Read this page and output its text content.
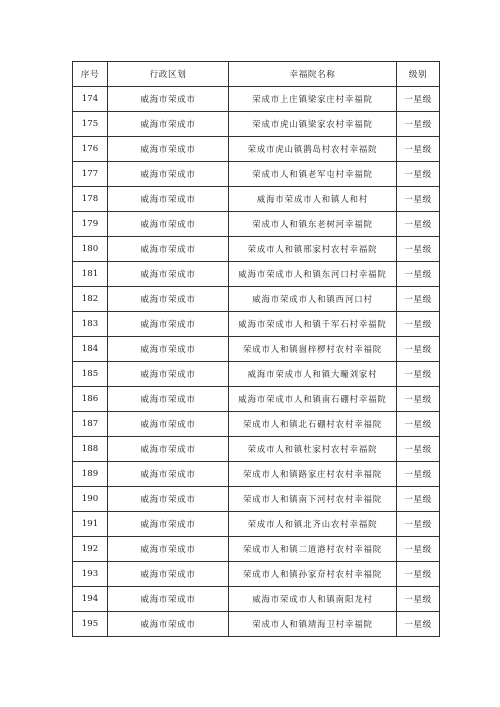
序号	行政区划	幸福院名称	级别
174	威海市荣成市	荣成市上庄镇梁家庄村幸福院	一星级
175	威海市荣成市	荣成市虎山镇梁家农村幸福院	一星级
176	威海市荣成市	荣成市虎山镇鹊岛村农村幸福院	一星级
177	威海市荣成市	荣成市人和镇老军屯村幸福院	一星级
178	威海市荣成市	威海市荣成市人和镇人和村	一星级
179	威海市荣成市	荣成市人和镇东老树河幸福院	一星级
180	威海市荣成市	荣成市人和镇邢家村农村幸福院	一星级
181	威海市荣成市	威海市荣成市人和镇东河口村幸福院	一星级
182	威海市荣成市	威海市荣成市人和镇西河口村	一星级
183	威海市荣成市	威海市荣成市人和镇千军石村幸福院	一星级
184	威海市荣成市	荣成市人和镇崮梓椤村农村幸福院	一星级
185	威海市荣成市	威海市荣成市人和镇大疃刘家村	一星级
186	威海市荣成市	威海市荣成市人和镇南石硼村幸福院	一星级
187	威海市荣成市	荣成市人和镇北石硼村农村幸福院	一星级
188	威海市荣成市	荣成市人和镇杜家村农村幸福院	一星级
189	威海市荣成市	荣成市人和镇路家庄村农村幸福院	一星级
190	威海市荣成市	荣成市人和镇南下河村农村幸福院	一星级
191	威海市荣成市	荣成市人和镇北齐山农村幸福院	一星级
192	威海市荣成市	荣成市人和镇二道港村农村幸福院	一星级
193	威海市荣成市	荣成市人和镇孙家夼村农村幸福院	一星级
194	威海市荣成市	威海市荣成市人和镇南阳龙村	一星级
195	威海市荣成市	荣成市人和镇靖海卫村幸福院	一星级
